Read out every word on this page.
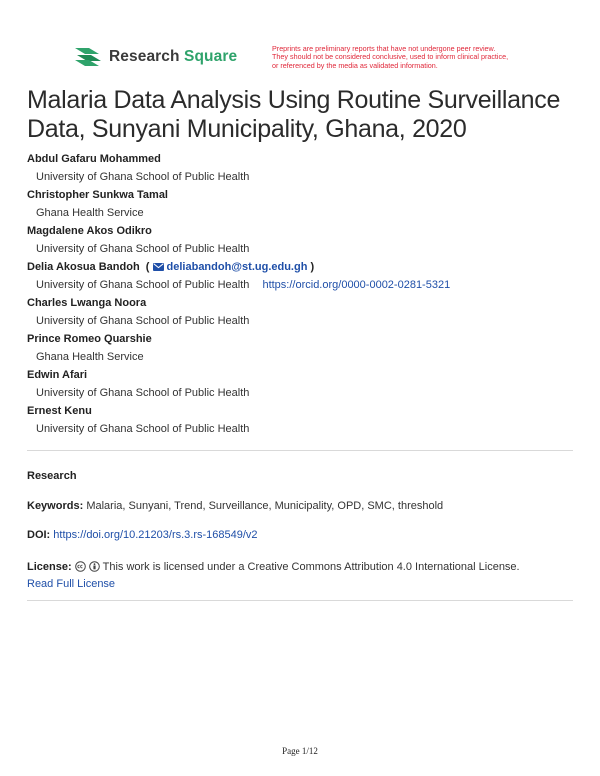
Research Square	Preprints are preliminary reports that have not undergone peer review.
They should not be considered conclusive, used to inform clinical practice,
or referenced by the media as validated information.
Malaria Data Analysis Using Routine Surveillance
Data, Sunyani Municipality, Ghana, 2020
Abdul Gafaru Mohammed
University of Ghana School of Public Health
Christopher Sunkwa Tamal
Ghana Health Service
Magdalene Akos Odikro
University of Ghana School of Public Health
Delia Akosua Bandoh  ( deliabandoh@st.ug.edu.gh )
University of Ghana School of Public Health https://orcid.org/0000-0002-0281-5321
Charles Lwanga Noora
University of Ghana School of Public Health
Prince Romeo Quarshie
Ghana Health Service
Edwin Afari
University of Ghana School of Public Health
Ernest Kenu
University of Ghana School of Public Health
Research
Keywords: Malaria, Sunyani, Trend, Surveillance, Municipality, OPD, SMC, threshold
DOI: https://doi.org/10.21203/rs.3.rs-168549/v2
License:	This work is licensed under a Creative Commons Attribution 4.0 International License.
Read Full License
Page 1/12
